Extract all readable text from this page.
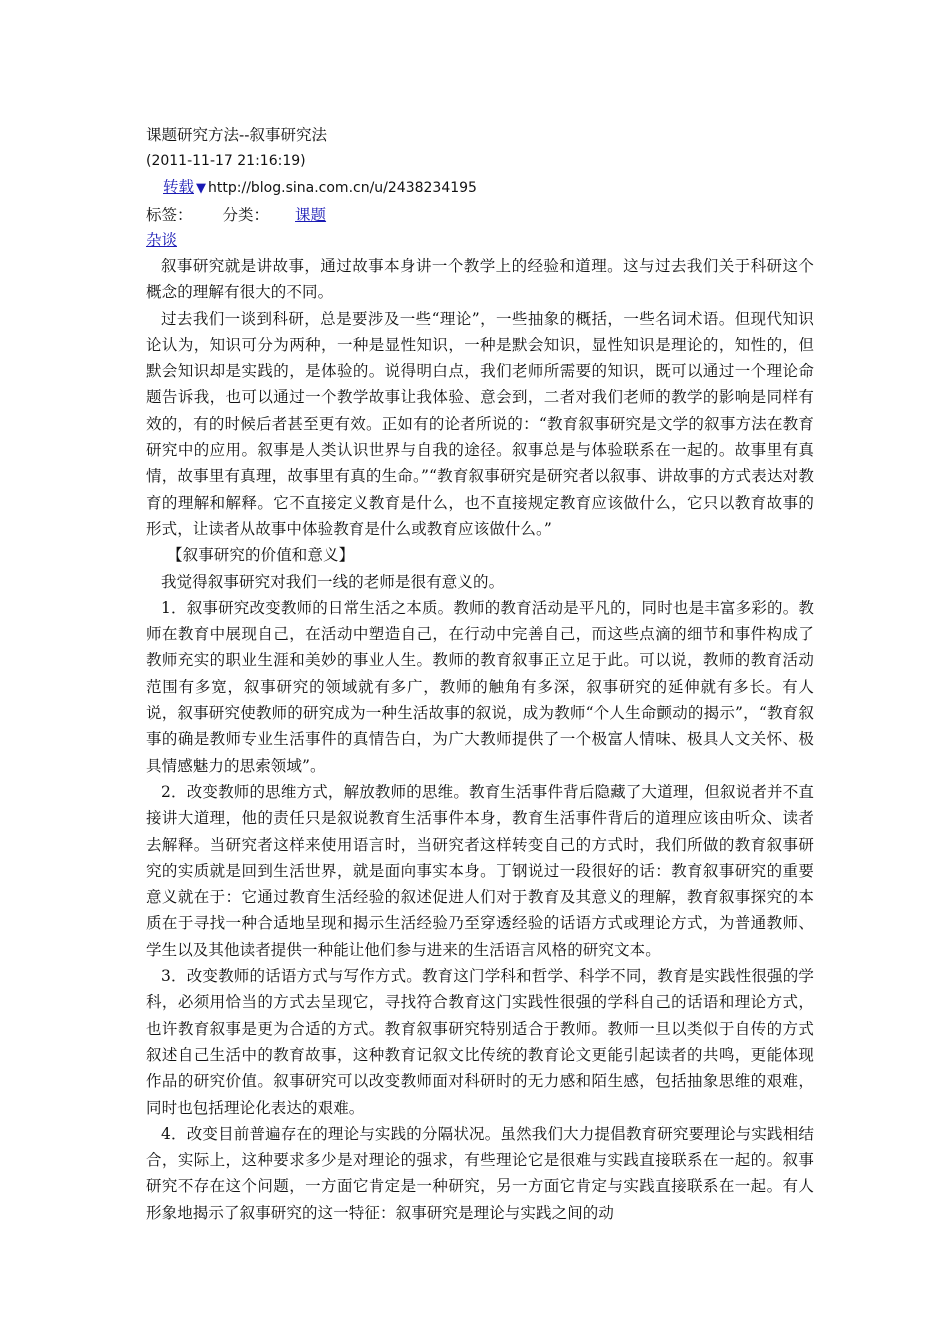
课题研究方法--叙事研究法

(2011-11-17 21:16:19)

转载 ▼ http://blog.sina.com.cn/u/2438234195

标签： 分类： 课题

杂谈

叙事研究就是讲故事，通过故事本身讲一个教学上的经验和道理。这与过去我们关于科研这个概念的理解有很大的不同。

过去我们一谈到科研，总是要涉及一些“理论”，一些抽象的概括，一些名词术语。但现代知识论认为，知识可分为两种，一种是显性知识，一种是默会知识，显性知识是理论的，知性的，但默会知识却是实践的，是体验的。说得明白点，我们老师所需要的知识，既可以通过一个理论命题告诉我，也可以通过一个教学故事让我体验、意会到，二者对我们老师的教学的影响是同样有效的，有的时候后者甚至更有效。正如有的论者所说的：“教育叙事研究是文学的叙事方法在教育研究中的应用。叙事是人类认识世界与自我的途径。叙事总是与体验联系在一起的。故事里有真情，故事里有真理，故事里有真的生命。”“教育叙事研究是研究者以叙事、讲故事的方式表达对教育的理解和解释。它不直接定义教育是什么，也不直接规定教育应该做什么，它只以教育故事的形式，让读者从故事中体验教育是什么或教育应该做什么。”

【叙事研究的价值和意义】

我觉得叙事研究对我们一线的老师是很有意义的。

1．叙事研究改变教师的日常生活之本质。教师的教育活动是平凡的，同时也是丰富多彩的。教师在教育中展现自己，在活动中塑造自己，在行动中完善自己，而这些点滴的细节和事件构成了教师充实的职业生涯和美妙的事业人生。教师的教育叙事正立足于此。可以说，教师的教育活动范围有多宽，叙事研究的领域就有多广，教师的触角有多深，叙事研究的延伸就有多长。有人说，叙事研究使教师的研究成为一种生活故事的叙说，成为教师“个人生命颤动的揭示”，“教育叙事的确是教师专业生活事件的真情告白，为广大教师提供了一个极富人情味、极具人文关怀、极具情感魅力的思索领域”。

2．改变教师的思维方式，解放教师的思维。教育生活事件背后隐藏了大道理，但叙说者并不直接讲大道理，他的责任只是叙说教育生活事件本身，教育生活事件背后的道理应该由听众、读者去解释。当研究者这样来使用语言时，当研究者这样转变自己的方式时，我们所做的教育叙事研究的实质就是回到生活世界，就是面向事实本身。丁钢说过一段很好的话：教育叙事研究的重要意义就在于：它通过教育生活经验的叙述促进人们对于教育及其意义的理解，教育叙事探究的本质在于寻找一种合适地呈现和揭示生活经验乃至穿透经验的话语方式或理论方式，为普通教师、学生以及其他读者提供一种能让他们参与进来的生活语言风格的研究文本。

3．改变教师的话语方式与写作方式。教育这门学科和哲学、科学不同，教育是实践性很强的学科，必须用恰当的方式去呈现它，寻找符合教育这门实践性很强的学科自己的话语和理论方式，也许教育叙事是更为合适的方式。教育叙事研究特别适合于教师。教师一旦以类似于自传的方式叙述自己生活中的教育故事，这种教育记叙文比传统的教育论文更能引起读者的共鸣，更能体现作品的研究价值。叙事研究可以改变教师面对科研时的无力感和陌生感，包括抽象思维的艰难，同时也包括理论化表达的艰难。

4．改变目前普遍存在的理论与实践的分隔状况。虽然我们大力提倡教育研究要理论与实践相结合，实际上，这种要求多少是对理论的强求，有些理论它是很难与实践直接联系在一起的。叙事研究不存在这个问题，一方面它肯定是一种研究，另一方面它肯定与实践直接联系在一起。有人形象地揭示了叙事研究的这一特征：叙事研究是理论与实践之间的动
